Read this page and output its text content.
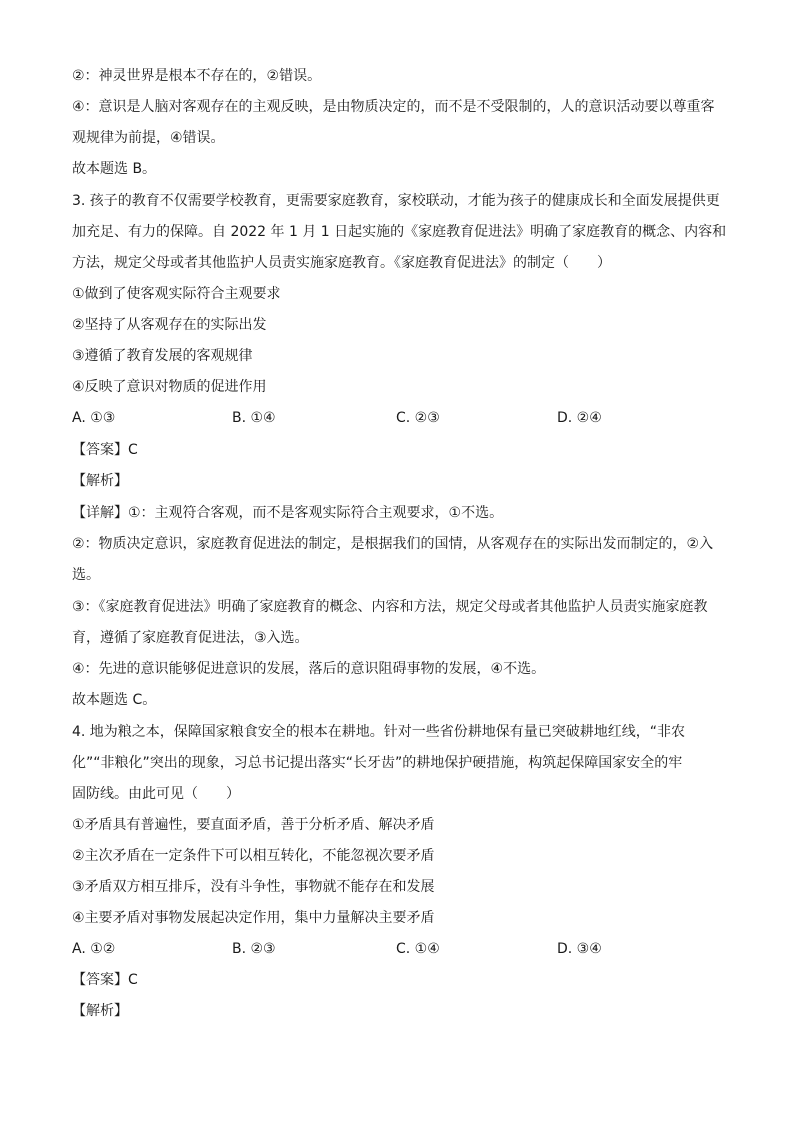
②：神灵世界是根本不存在的，②错误。
④：意识是人脑对客观存在的主观反映，是由物质决定的，而不是不受限制的，人的意识活动要以尊重客
观规律为前提，④错误。
故本题选 B。
3. 孩子的教育不仅需要学校教育，更需要家庭教育，家校联动，才能为孩子的健康成长和全面发展提供更
加充足、有力的保障。自 2022 年 1 月 1 日起实施的《家庭教育促进法》明确了家庭教育的概念、内容和
方法，规定父母或者其他监护人员责实施家庭教育。《家庭教育促进法》的制定（　　）
①做到了使客观实际符合主观要求
②坚持了从客观存在的实际出发
③遵循了教育发展的客观规律
④反映了意识对物质的促进作用
A. ①③	B. ①④	C. ②③	D. ②④
【答案】C
【解析】
【详解】①：主观符合客观，而不是客观实际符合主观要求，①不选。
②：物质决定意识，家庭教育促进法的制定，是根据我们的国情，从客观存在的实际出发而制定的，②入
选。
③：《家庭教育促进法》明确了家庭教育的概念、内容和方法，规定父母或者其他监护人员责实施家庭教
育，遵循了家庭教育促进法，③入选。
④：先进的意识能够促进意识的发展，落后的意识阻碍事物的发展，④不选。
故本题选 C。
4. 地为粮之本，保障国家粮食安全的根本在耕地。针对一些省份耕地保有量已突破耕地红线，“非农
化”“非粮化”突出的现象，习总书记提出落实“长牙齿”的耕地保护硬措施，构筑起保障国家安全的牢
固防线。由此可见（　　）
①矛盾具有普遍性，要直面矛盾，善于分析矛盾、解决矛盾
②主次矛盾在一定条件下可以相互转化，不能忽视次要矛盾
③矛盾双方相互排斥，没有斗争性，事物就不能存在和发展
④主要矛盾对事物发展起决定作用，集中力量解决主要矛盾
A. ①②	B. ②③	C. ①④	D. ③④
【答案】C
【解析】
